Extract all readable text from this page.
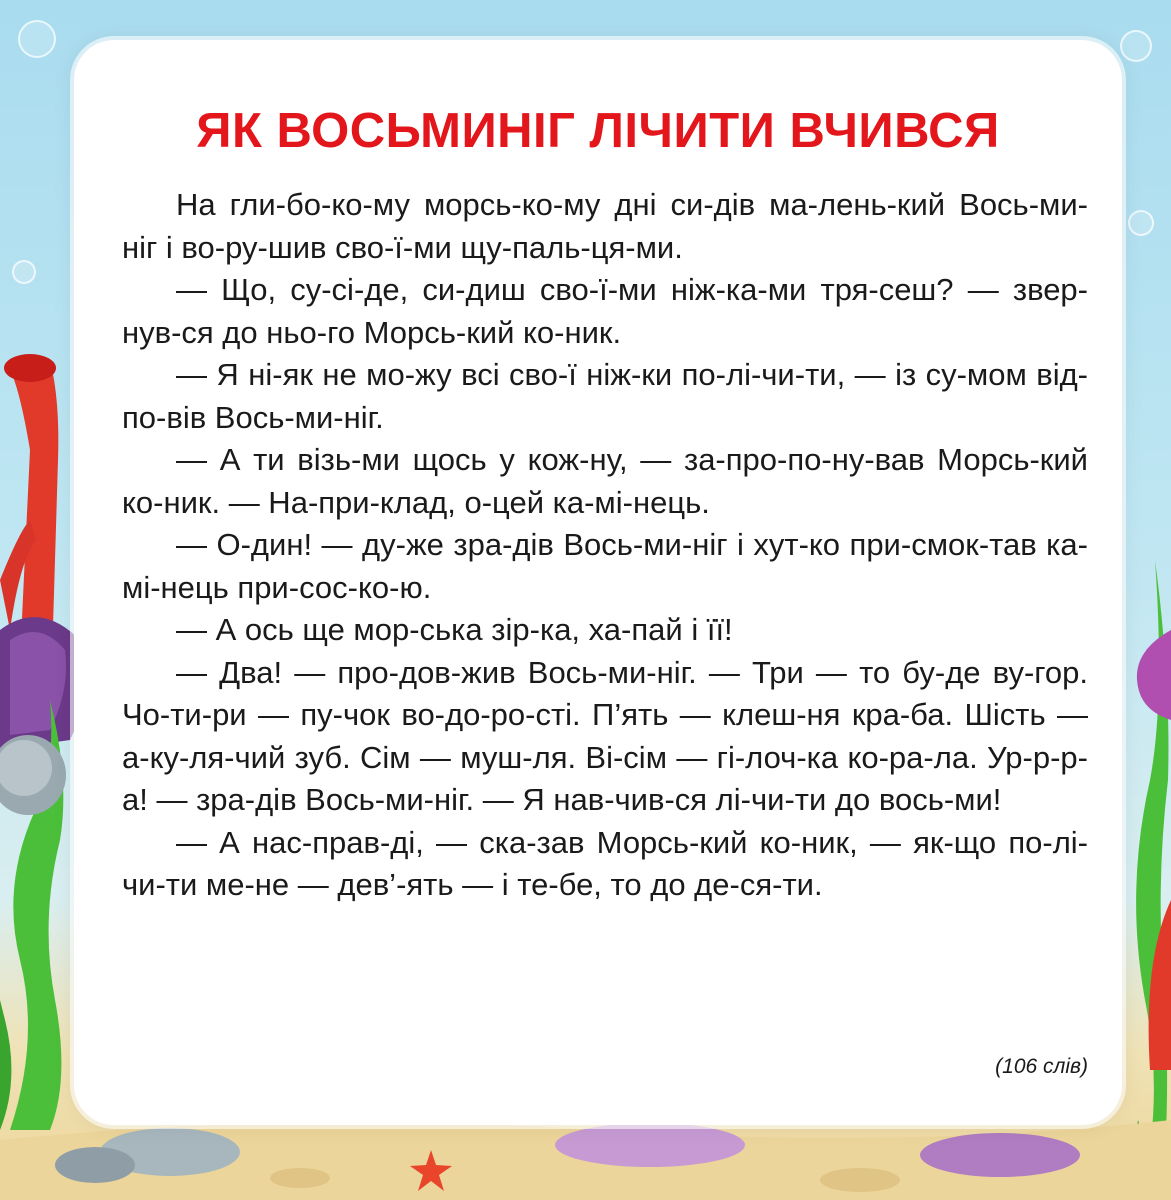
ЯК ВОСЬМИНІГ ЛІЧИТИ ВЧИВСЯ

На гли-бо-ко-му морсь-ко-му дні си-дів ма-лень-кий Вось-ми-ніг і во-ру-шив сво-ї-ми щу-паль-ця-ми.

— Що, су-сі-де, си-диш сво-ї-ми ніж-ка-ми тря-сеш? — звер-нув-ся до ньо-го Морсь-кий ко-ник.

— Я ні-як не мо-жу всі сво-ї ніж-ки по-лі-чи-ти, — із су-мом від-по-вів Вось-ми-ніг.

— А ти візь-ми щось у кож-ну, — за-про-по-ну-вав Морсь-кий ко-ник. — На-при-клад, о-цей ка-мі-нець.

— О-дин! — ду-же зра-дів Вось-ми-ніг і хут-ко при-смок-тав ка-мі-нець при-сос-ко-ю.

— А ось ще мор-ська зір-ка, ха-пай і її!

— Два! — про-дов-жив Вось-ми-ніг. — Три — то бу-де ву-гор. Чо-ти-ри — пу-чок во-до-ро-сті. П’ять — клеш-ня кра-ба. Шість — а-ку-ля-чий зуб. Сім — муш-ля. Ві-сім — гі-лоч-ка ко-ра-ла. Ур-р-р-а! — зра-дів Вось-ми-ніг. — Я нав-чив-ся лі-чи-ти до вось-ми!

— А нас-прав-ді, — ска-зав Морсь-кий ко-ник, — як-що по-лі-чи-ти ме-не — дев’-ять — і те-бе, то до де-ся-ти.

(106 слів)
